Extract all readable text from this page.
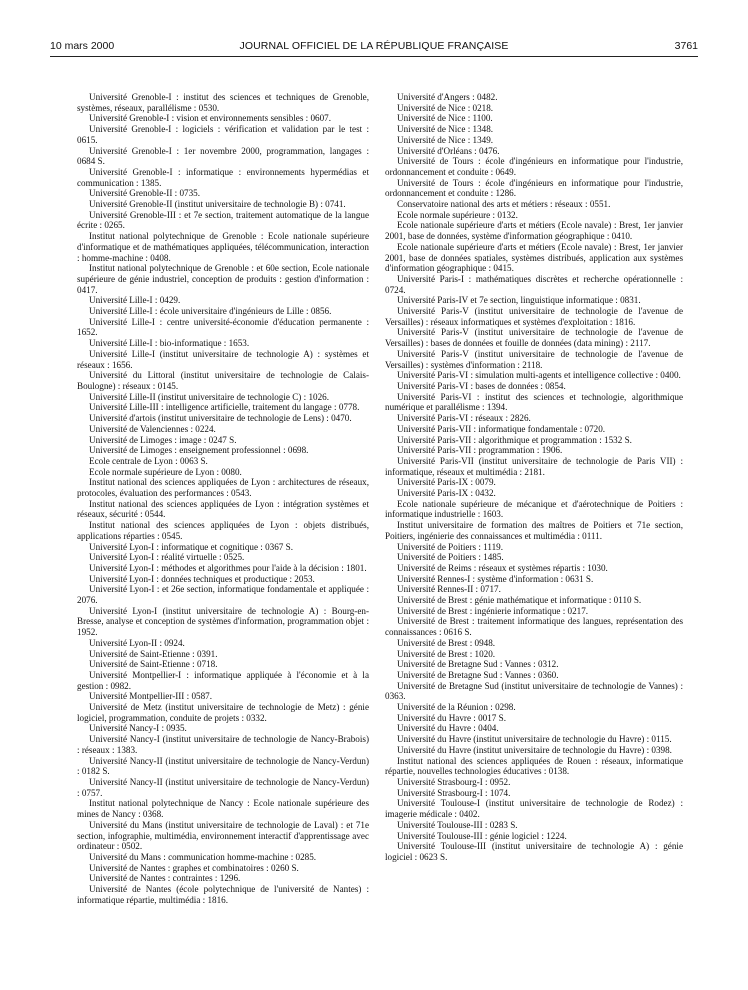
10 mars 2000	JOURNAL OFFICIEL DE LA RÉPUBLIQUE FRANÇAISE	3761

Université Grenoble-I : institut des sciences et techniques de Grenoble, systèmes, réseaux, parallélisme : 0530.

Université Grenoble-I : vision et environnements sensibles : 0607.

Université Grenoble-I : logiciels : vérification et validation par le test : 0615.

Université Grenoble-I : 1er novembre 2000, programmation, langages : 0684 S.

Université Grenoble-I : informatique : environnements hypermédias et communication : 1385.

Université Grenoble-II : 0735.

Université Grenoble-II (institut universitaire de technologie B) : 0741.

Université Grenoble-III : et 7e section, traitement automatique de la langue écrite : 0265.

Institut national polytechnique de Grenoble : Ecole nationale supérieure d'informatique et de mathématiques appliquées, télécommunication, interaction : homme-machine : 0408.

Institut national polytechnique de Grenoble : et 60e section, Ecole nationale supérieure de génie industriel, conception de produits : gestion d'information : 0417.

Université Lille-I : 0429.

Université Lille-I : école universitaire d'ingénieurs de Lille : 0856.

Université Lille-I : centre université-économie d'éducation permanente : 1652.

Université Lille-I : bio-informatique : 1653.

Université Lille-I (institut universitaire de technologie A) : systèmes et réseaux : 1656.

Université du Littoral (institut universitaire de technologie de Calais-Boulogne) : réseaux : 0145.

Université Lille-II (institut universitaire de technologie C) : 1026.

Université Lille-III : intelligence artificielle, traitement du langage : 0778.

Université d'artois (institut universitaire de technologie de Lens) : 0470.

Université de Valenciennes : 0224.

Université de Limoges : image : 0247 S.

Université de Limoges : enseignement professionnel : 0698.

Ecole centrale de Lyon : 0063 S.

Ecole normale supérieure de Lyon : 0080.

Institut national des sciences appliquées de Lyon : architectures de réseaux, protocoles, évaluation des performances : 0543.

Institut national des sciences appliquées de Lyon : intégration systèmes et réseaux, sécurité : 0544.

Institut national des sciences appliquées de Lyon : objets distribués, applications réparties : 0545.

Université Lyon-I : informatique et cognitique : 0367 S.

Université Lyon-I : réalité virtuelle : 0525.

Université Lyon-I : méthodes et algorithmes pour l'aide à la décision : 1801.

Université Lyon-I : données techniques et productique : 2053.

Université Lyon-I : et 26e section, informatique fondamentale et appliquée : 2076.

Université Lyon-I (institut universitaire de technologie A) : Bourg-en-Bresse, analyse et conception de systèmes d'information, programmation objet : 1952.

Université Lyon-II : 0924.

Université de Saint-Etienne : 0391.

Université de Saint-Etienne : 0718.

Université Montpellier-I : informatique appliquée à l'économie et à la gestion : 0982.

Université Montpellier-III : 0587.

Université de Metz (institut universitaire de technologie de Metz) : génie logiciel, programmation, conduite de projets : 0332.

Université Nancy-I : 0935.

Université Nancy-I (institut universitaire de technologie de Nancy-Brabois) : réseaux : 1383.

Université Nancy-II (institut universitaire de technologie de Nancy-Verdun) : 0182 S.

Université Nancy-II (institut universitaire de technologie de Nancy-Verdun) : 0757.

Institut national polytechnique de Nancy : Ecole nationale supérieure des mines de Nancy : 0368.

Université du Mans (institut universitaire de technologie de Laval) : et 71e section, infographie, multimédia, environnement interactif d'apprentissage avec ordinateur : 0502.

Université du Mans : communication homme-machine : 0285.

Université de Nantes : graphes et combinatoires : 0260 S.

Université de Nantes : contraintes : 1296.

Université de Nantes (école polytechnique de l'université de Nantes) : informatique répartie, multimédia : 1816.

Université d'Angers : 0482.

Université de Nice : 0218.

Université de Nice : 1100.

Université de Nice : 1348.

Université de Nice : 1349.

Université d'Orléans : 0476.

Université de Tours : école d'ingénieurs en informatique pour l'industrie, ordonnancement et conduite : 0649.

Université de Tours : école d'ingénieurs en informatique pour l'industrie, ordonnancement et conduite : 1286.

Conservatoire national des arts et métiers : réseaux : 0551.

Ecole normale supérieure : 0132.

Ecole nationale supérieure d'arts et métiers (Ecole navale) : Brest, 1er janvier 2001, base de données, système d'information géographique : 0410.

Ecole nationale supérieure d'arts et métiers (Ecole navale) : Brest, 1er janvier 2001, base de données spatiales, systèmes distribués, application aux systèmes d'information géographique : 0415.

Université Paris-I : mathématiques discrètes et recherche opérationnelle : 0724.

Université Paris-IV et 7e section, linguistique informatique : 0831.

Université Paris-V (institut universitaire de technologie de l'avenue de Versailles) : réseaux informatiques et systèmes d'exploitation : 1816.

Université Paris-V (institut universitaire de technologie de l'avenue de Versailles) : bases de données et fouille de données (data mining) : 2117.

Université Paris-V (institut universitaire de technologie de l'avenue de Versailles) : systèmes d'information : 2118.

Université Paris-VI : simulation multi-agents et intelligence collective : 0400.

Université Paris-VI : bases de données : 0854.

Université Paris-VI : institut des sciences et technologie, algorithmique numérique et parallélisme : 1394.

Université Paris-VI : réseaux : 2826.

Université Paris-VII : informatique fondamentale : 0720.

Université Paris-VII : algorithmique et programmation : 1532 S.

Université Paris-VII : programmation : 1906.

Université Paris-VII (institut universitaire de technologie de Paris VII) : informatique, réseaux et multimédia : 2181.

Université Paris-IX : 0079.

Université Paris-IX : 0432.

Ecole nationale supérieure de mécanique et d'aérotechnique de Poitiers : informatique industrielle : 1603.

Institut universitaire de formation des maîtres de Poitiers et 71e section, Poitiers, ingénierie des connaissances et multimédia : 0111.

Université de Poitiers : 1119.

Université de Poitiers : 1485.

Université de Reims : réseaux et systèmes répartis : 1030.

Université Rennes-I : système d'information : 0631 S.

Université Rennes-II : 0717.

Université de Brest : génie mathématique et informatique : 0110 S.

Université de Brest : ingénierie informatique : 0217.

Université de Brest : traitement informatique des langues, représentation des connaissances : 0616 S.

Université de Brest : 0948.

Université de Brest : 1020.

Université de Bretagne Sud : Vannes : 0312.

Université de Bretagne Sud : Vannes : 0360.

Université de Bretagne Sud (institut universitaire de technologie de Vannes) : 0363.

Université de la Réunion : 0298.

Université du Havre : 0017 S.

Université du Havre : 0404.

Université du Havre (institut universitaire de technologie du Havre) : 0115.

Université du Havre (institut universitaire de technologie du Havre) : 0398.

Institut national des sciences appliquées de Rouen : réseaux, informatique répartie, nouvelles technologies éducatives : 0138.

Université Strasbourg-I : 0952.

Université Strasbourg-I : 1074.

Université Toulouse-I (institut universitaire de technologie de Rodez) : imagerie médicale : 0402.

Université Toulouse-III : 0283 S.

Université Toulouse-III : génie logiciel : 1224.

Université Toulouse-III (institut universitaire de technologie A) : génie logiciel : 0623 S.
